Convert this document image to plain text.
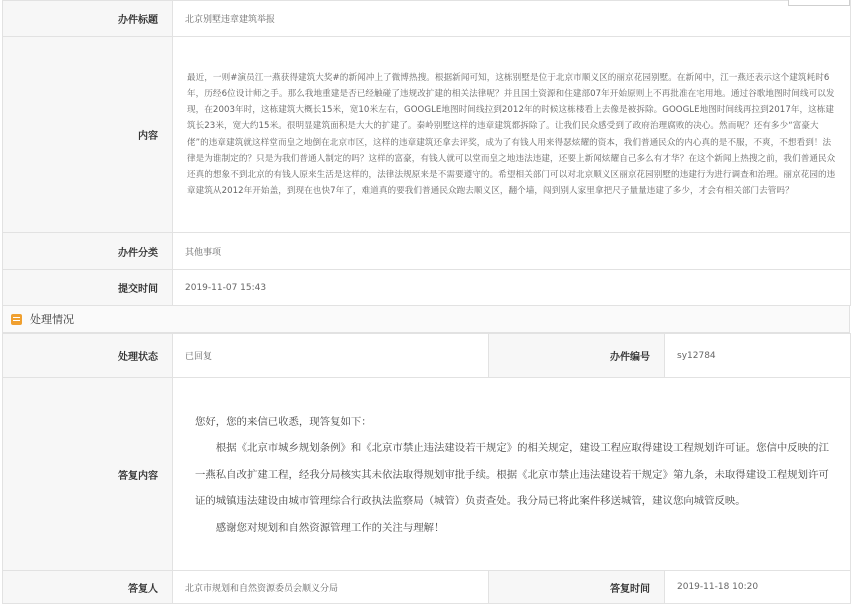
办件标题	北京别墅违章建筑举报
内容	最近，一则#演员江一燕获得建筑大奖#的新闻冲上了微博热搜。根据新闻可知，这栋别墅是位于北京市顺义区的丽京花园别墅。在新闻中，江一燕还表示这个建筑耗时6年，历经6位设计师之手。那么我地重建是否已经触碰了违规改扩建的相关法律呢？并且国土资源和住建部07年开始原则上不再批准在宅用地。通过谷歌地图时间线可以发现，在2003年时，这栋建筑大概长15米，宽10米左右，GOOGLE地图时间线拉到2012年的时候这栋楼看上去像是被拆除。GOOGLE地图时间线再拉到2017年，这栋建筑长23米，宽大约15米。很明显建筑面积是大大的扩建了。秦岭别墅这样的违章建筑都拆除了。让我们民众感受到了政府治理腐败的决心。然而呢？还有多少“富豪大佬”的违章建筑就这样堂而皇之地倒在北京市区，这样的违章建筑还拿去评奖，成为了有钱人用来得瑟炫耀的资本，我们普通民众的内心真的是不服，不爽，不想看到！法律是为谁制定的？只是为我们普通人制定的吗？这样的富豪，有钱人就可以堂而皇之地违法违建，还要上新闻炫耀自己多么有才华？在这个新闻上热搜之前，我们普通民众还真的想象不到北京的有钱人原来生活是这样的，法律法规原来是不需要遵守的。希望相关部门可以对北京顺义区丽京花园别墅的违建行为进行调查和治理。丽京花园的违章建筑从2012年开始盖，到现在也快7年了，难道真的要我们普通民众跑去顺义区，翻个墙，闯到别人家里拿把尺子量量违建了多少，才会有相关部门去管吗？

办件分类	其他事项
提交时间	2019-11-07 15:43
处理情况
处理状态	已回复	办件编号	sy12784
答复内容	您好，您的来信已收悉，现答复如下：

根据《北京市城乡规划条例》和《北京市禁止违法建设若干规定》的相关规定，建设工程应取得建设工程规划许可证。您信中反映的江一燕私自改扩建工程，经我分局核实其未依法取得规划审批手续。根据《北京市禁止违法建设若干规定》第九条，未取得建设工程规划许可证的城镇违法建设由城市管理综合行政执法监察局（城管）负责查处。我分局已将此案件移送城管，建议您向城管反映。

感谢您对规划和自然资源管理工作的关注与理解！		

答复人	北京市规划和自然资源委员会顺义分局	答复时间	2019-11-18 10:20
